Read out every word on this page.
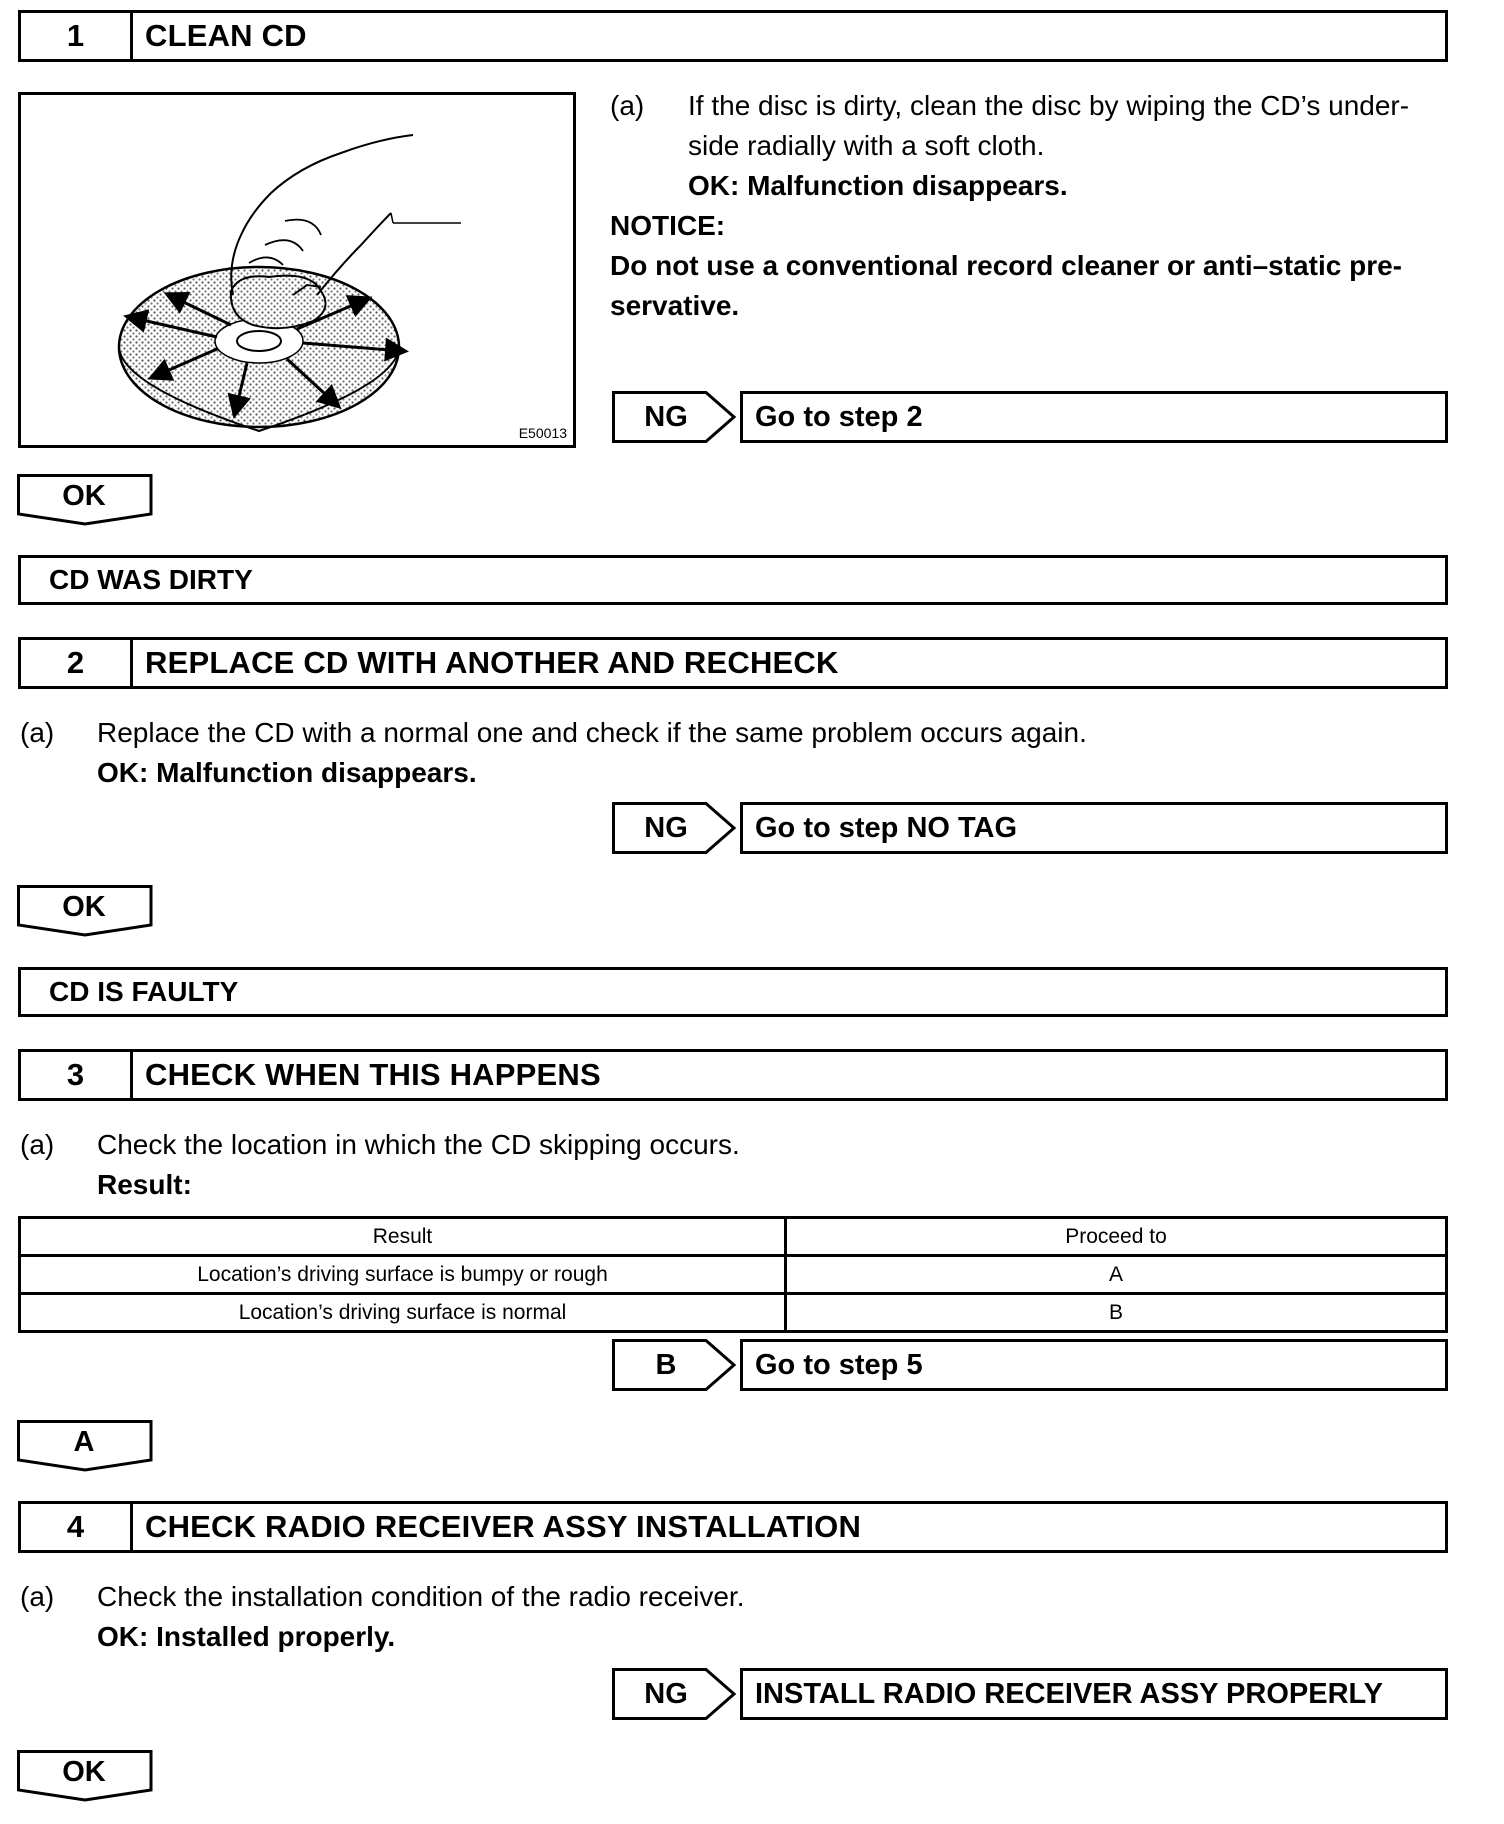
1	CLEAN CD
E50013
(a) If the disc is dirty, clean the disc by wiping the CD’s under-
side radially with a soft cloth.
OK: Malfunction disappears.
NOTICE:
Do not use a conventional record cleaner or anti–static pre-
servative.
NG	Go to step 2
OK
CD WAS DIRTY
2	REPLACE CD WITH ANOTHER AND RECHECK
(a) Replace the CD with a normal one and check if the same problem occurs again.
OK: Malfunction disappears.
NG	Go to step NO TAG
OK
CD IS FAULTY
3	CHECK WHEN THIS HAPPENS
(a) Check the location in which the CD skipping occurs.
Result:
Result	Proceed to
Location’s driving surface is bumpy or rough	A
Location’s driving surface is normal	B
B	Go to step 5
A
4	CHECK RADIO RECEIVER ASSY INSTALLATION
(a) Check the installation condition of the radio receiver.
OK: Installed properly.
NG	INSTALL RADIO RECEIVER ASSY PROPERLY
OK
